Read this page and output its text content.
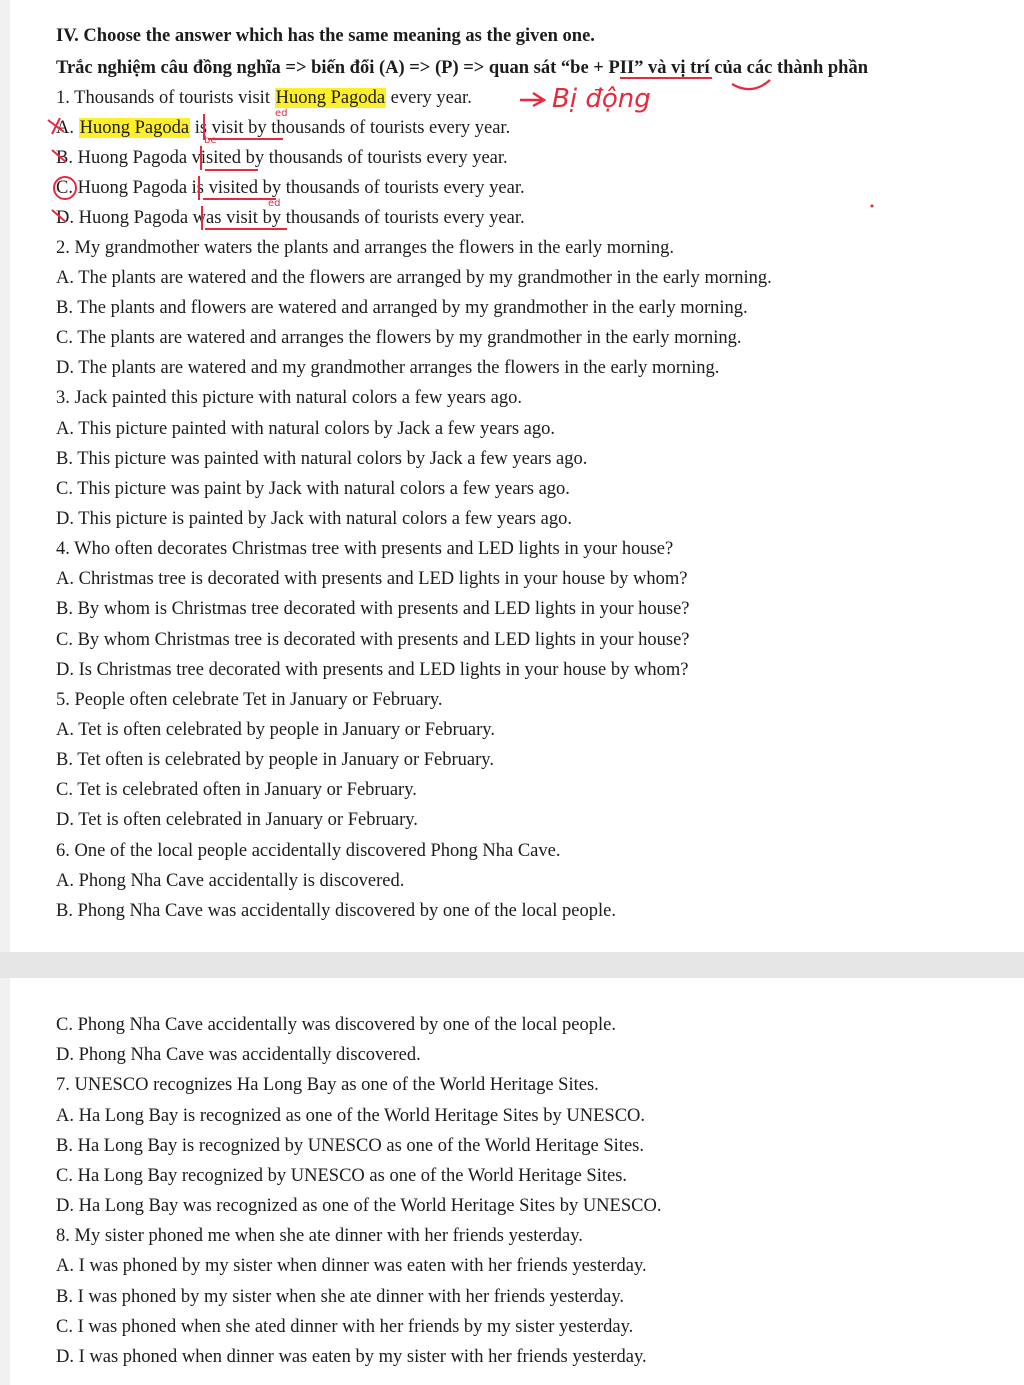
IV. Choose the answer which has the same meaning as the given one.
Trắc nghiệm câu đồng nghĩa => biến đổi (A) => (P) => quan sát “be + PII” và vị trí của các thành phần
1. Thousands of tourists visit Huong Pagoda every year.
A. Huong Pagoda is visit by thousands of tourists every year.
B. Huong Pagoda visited by thousands of tourists every year.
C. Huong Pagoda is visited by thousands of tourists every year.
D. Huong Pagoda was visit by thousands of tourists every year.
2. My grandmother waters the plants and arranges the flowers in the early morning.
A. The plants are watered and the flowers are arranged by my grandmother in the early morning.
B. The plants and flowers are watered and arranged by my grandmother in the early morning.
C. The plants are watered and arranges the flowers by my grandmother in the early morning.
D. The plants are watered and my grandmother arranges the flowers in the early morning.
3. Jack painted this picture with natural colors a few years ago.
A. This picture painted with natural colors by Jack a few years ago.
B. This picture was painted with natural colors by Jack a few years ago.
C. This picture was paint by Jack with natural colors a few years ago.
D. This picture is painted by Jack with natural colors a few years ago.
4. Who often decorates Christmas tree with presents and LED lights in your house?
A. Christmas tree is decorated with presents and LED lights in your house by whom?
B. By whom is Christmas tree decorated with presents and LED lights in your house?
C. By whom Christmas tree is decorated with presents and LED lights in your house?
D. Is Christmas tree decorated with presents and LED lights in your house by whom?
5. People often celebrate Tet in January or February.
A. Tet is often celebrated by people in January or February.
B. Tet often is celebrated by people in January or February.
C. Tet is celebrated often in January or February.
D. Tet is often celebrated in January or February.
6. One of the local people accidentally discovered Phong Nha Cave.
A. Phong Nha Cave accidentally is discovered.
B. Phong Nha Cave was accidentally discovered by one of the local people.
C. Phong Nha Cave accidentally was discovered by one of the local people.
D. Phong Nha Cave was accidentally discovered.
7. UNESCO recognizes Ha Long Bay as one of the World Heritage Sites.
A. Ha Long Bay is recognized as one of the World Heritage Sites by UNESCO.
B. Ha Long Bay is recognized by UNESCO as one of the World Heritage Sites.
C. Ha Long Bay recognized by UNESCO as one of the World Heritage Sites.
D. Ha Long Bay was recognized as one of the World Heritage Sites by UNESCO.
8. My sister phoned me when she ate dinner with her friends yesterday.
A. I was phoned by my sister when dinner was eaten with her friends yesterday.
B. I was phoned by my sister when she ate dinner with her friends yesterday.
C. I was phoned when she ated dinner with her friends by my sister yesterday.
D. I was phoned when dinner was eaten by my sister with her friends yesterday.
Bị động
ed
be
ed
